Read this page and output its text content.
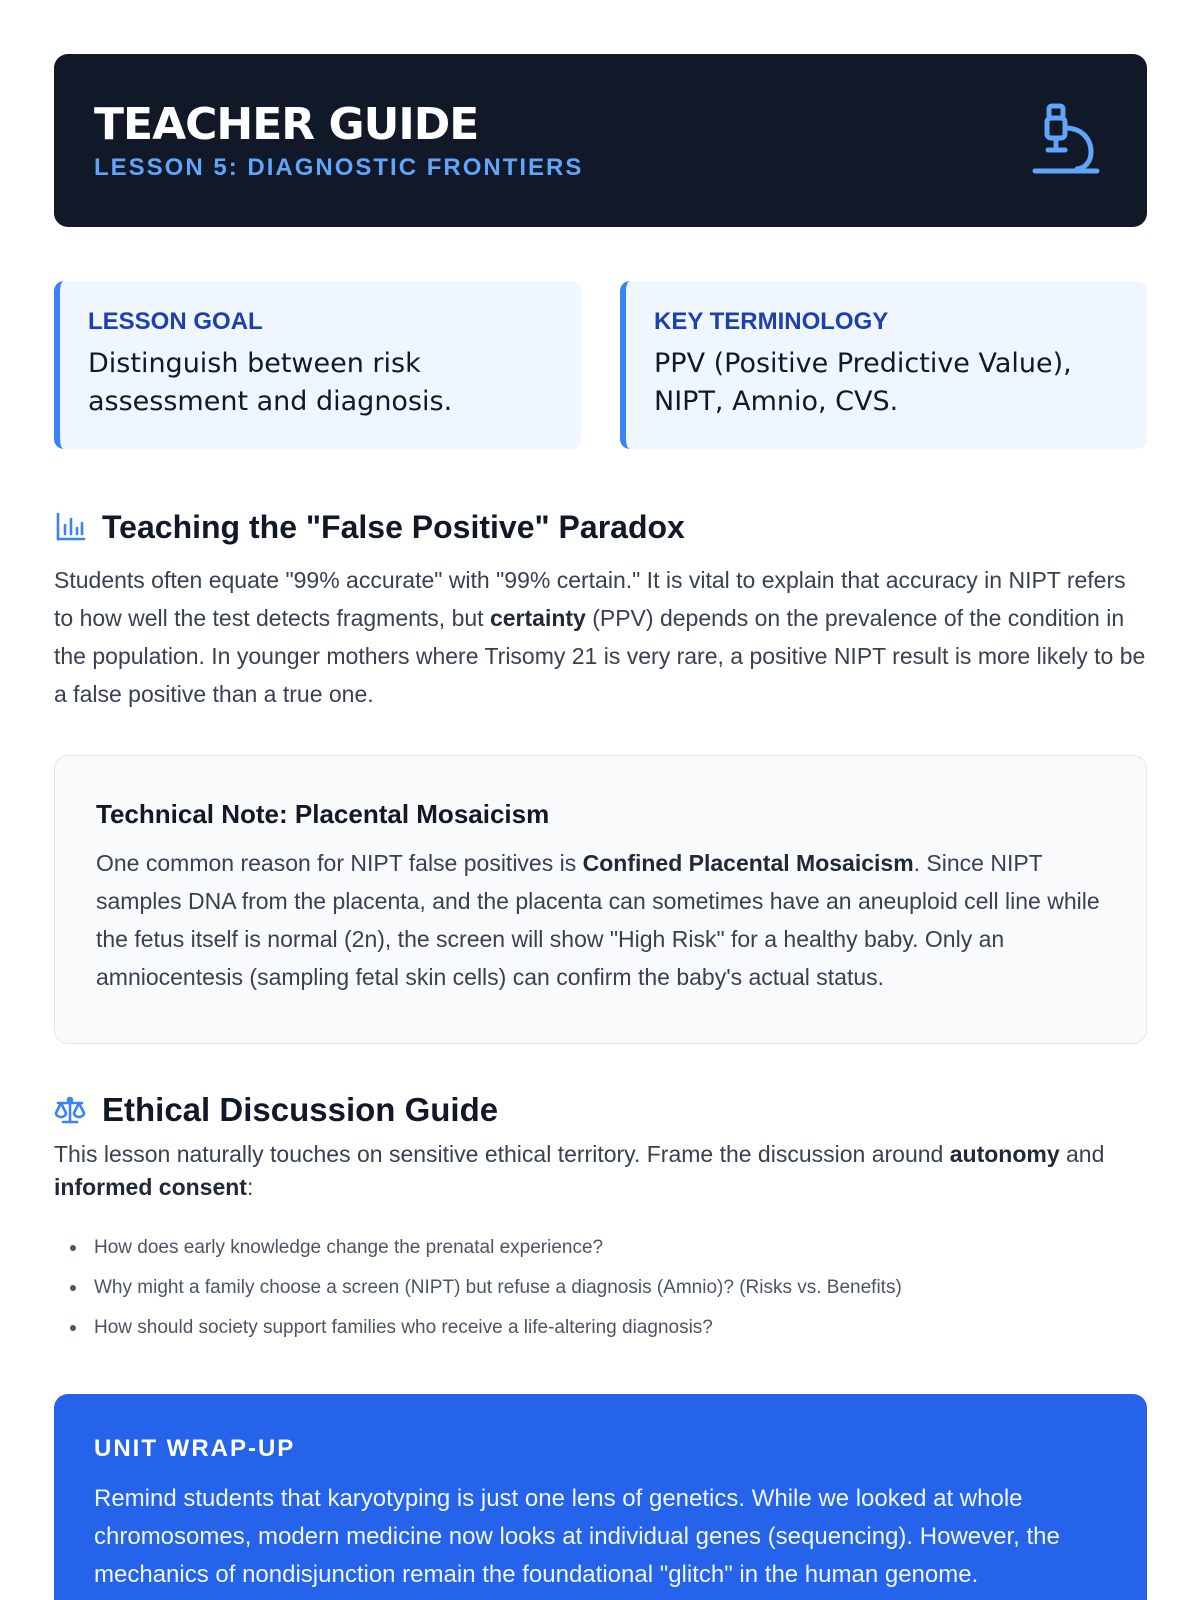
TEACHER GUIDE
LESSON 5: DIAGNOSTIC FRONTIERS
LESSON GOAL
Distinguish between risk
assessment and diagnosis.
KEY TERMINOLOGY
PPV (Positive Predictive Value),
NIPT, Amnio, CVS.
Teaching the "False Positive" Paradox

Students often equate "99% accurate" with "99% certain." It is vital to explain that accuracy in NIPT refers to how well the test detects fragments, but certainty (PPV) depends on the prevalence of the condition in the population. In younger mothers where Trisomy 21 is very rare, a positive NIPT result is more likely to be a false positive than a true one.

Technical Note: Placental Mosaicism

One common reason for NIPT false positives is Confined Placental Mosaicism. Since NIPT samples DNA from the placenta, and the placenta can sometimes have an aneuploid cell line while the fetus itself is normal (2n), the screen will show "High Risk" for a healthy baby. Only an amniocentesis (sampling fetal skin cells) can confirm the baby's actual status.

Ethical Discussion Guide

This lesson naturally touches on sensitive ethical territory. Frame the discussion around autonomy and informed consent:

How does early knowledge change the prenatal experience?
Why might a family choose a screen (NIPT) but refuse a diagnosis (Amnio)? (Risks vs. Benefits)
How should society support families who receive a life-altering diagnosis?
UNIT WRAP-UP

Remind students that karyotyping is just one lens of genetics. While we looked at whole chromosomes, modern medicine now looks at individual genes (sequencing). However, the mechanics of nondisjunction remain the foundational "glitch" in the human genome.
